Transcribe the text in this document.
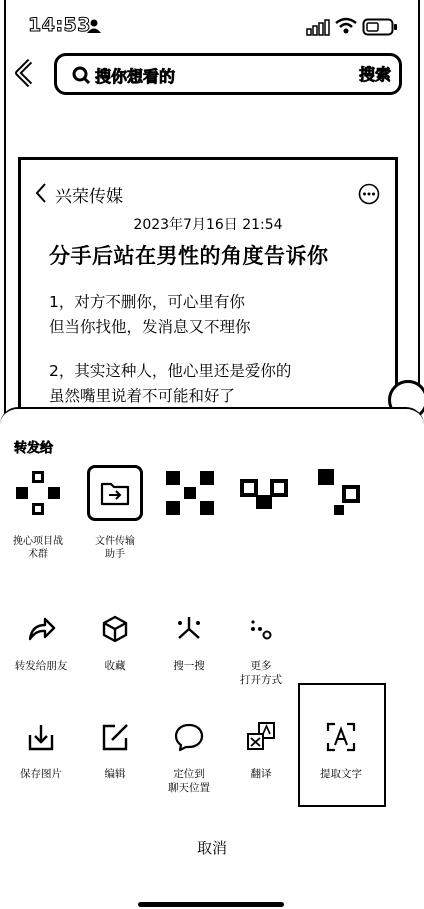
14:53
搜你想看的	搜索
兴荣传媒
2023年7月16日 21:54
分手后站在男性的角度告诉你
1，对方不删你，可心里有你
但当你找他，发消息又不理你
2，其实这种人，他心里还是爱你的
虽然嘴里说着不可能和好了
转发给
挽心项目战
术群
文件传输
助手
转发给朋友	收藏	搜一搜	更多
打开方式
保存图片	编辑	定位到
聊天位置
翻译	提取文字
取消
